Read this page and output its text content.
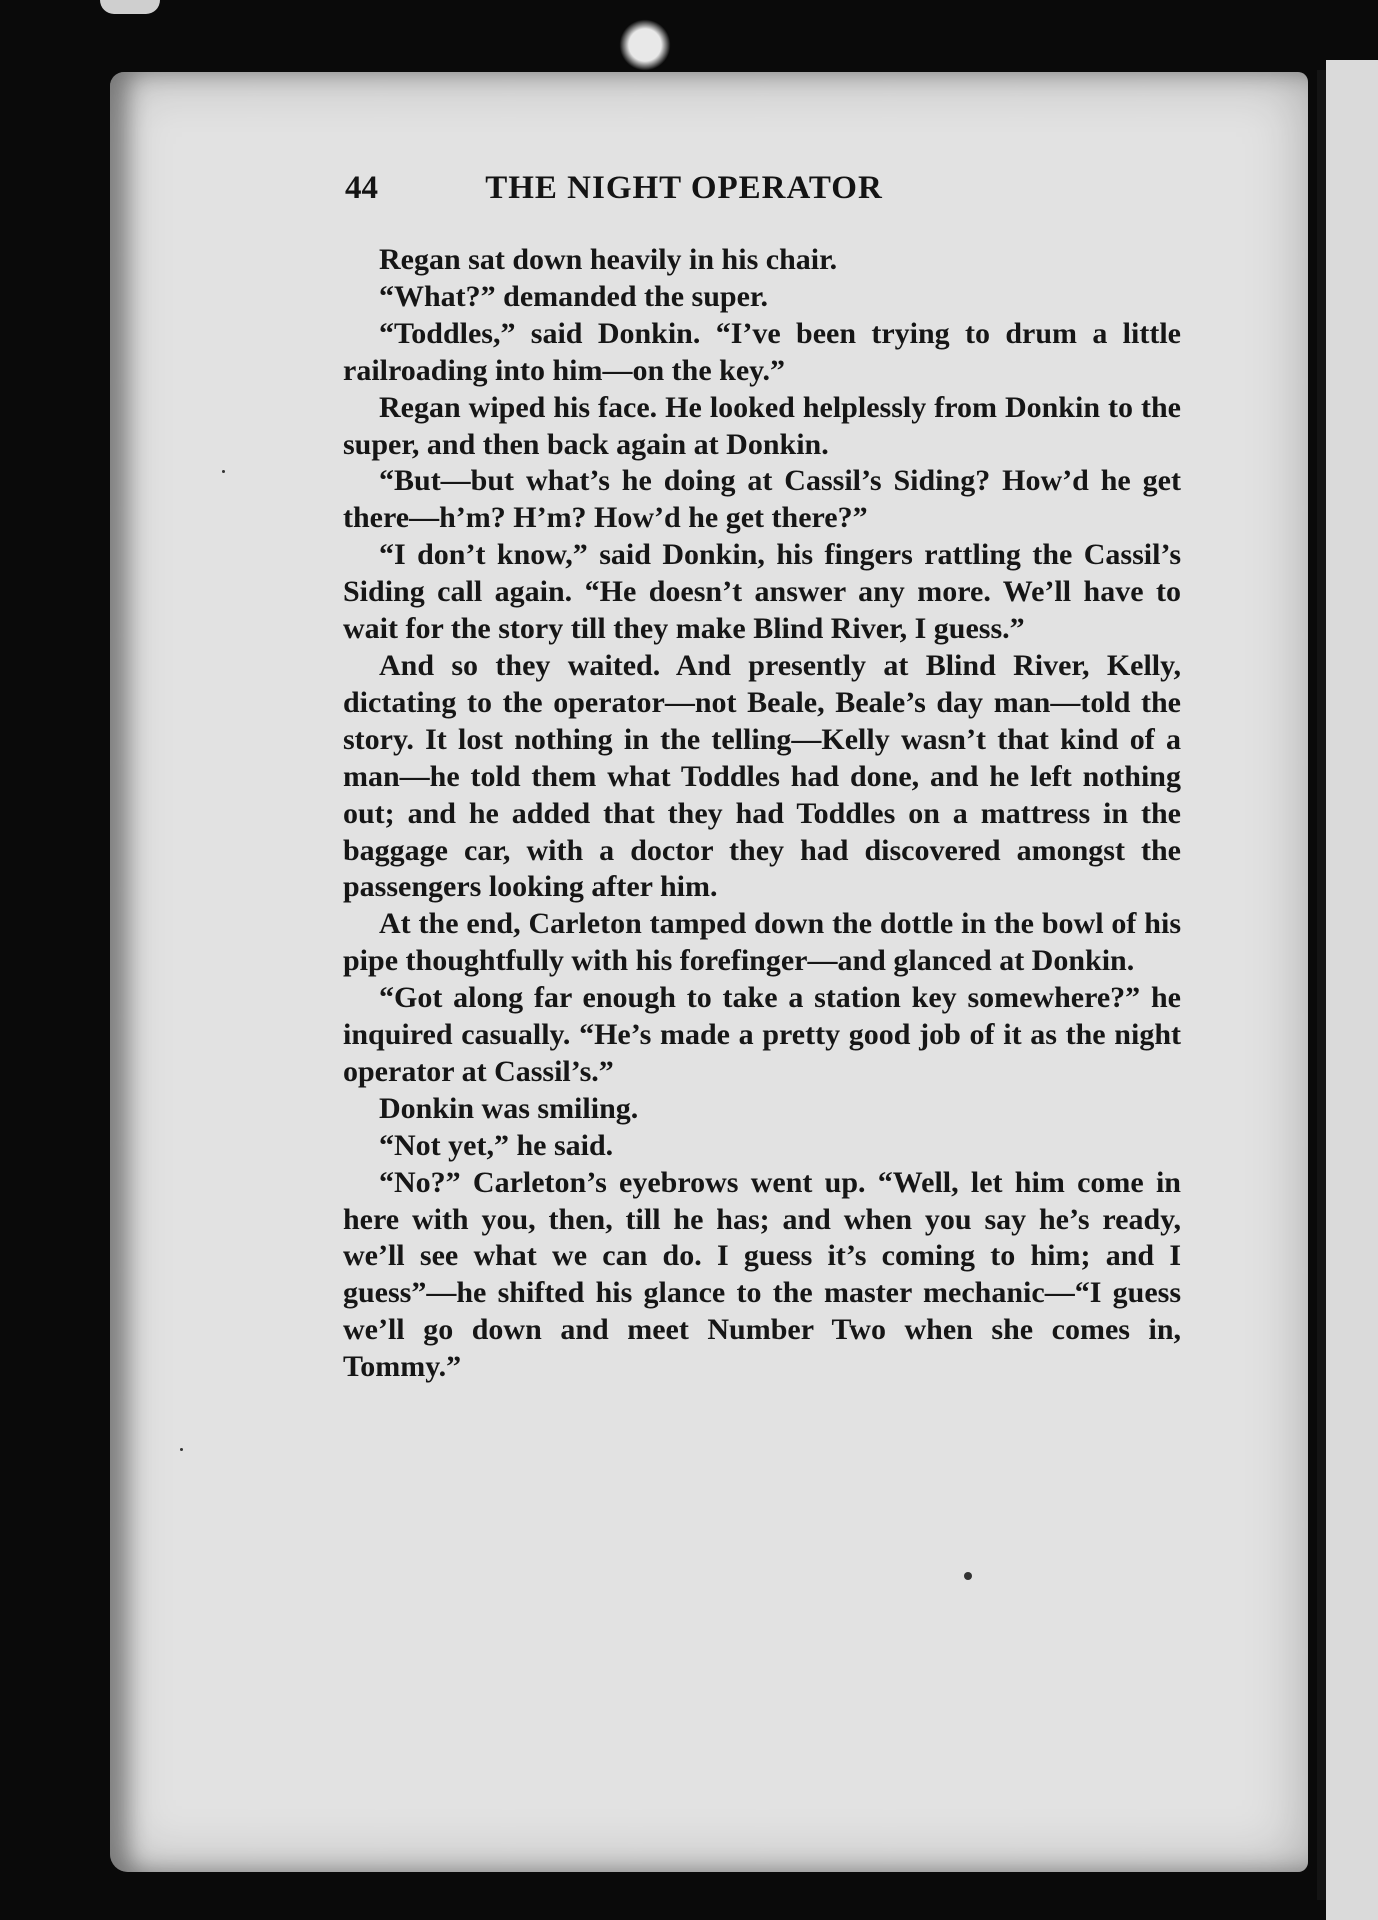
44	THE NIGHT OPERATOR

Regan sat down heavily in his chair.

“What?” demanded the super.

“Toddles,” said Donkin. “I’ve been trying to drum a little railroading into him—on the key.”

Regan wiped his face. He looked helplessly from Donkin to the super, and then back again at Donkin.

“But—but what’s he doing at Cassil’s Siding? How’d he get there—h’m? H’m? How’d he get there?”

“I don’t know,” said Donkin, his fingers rattling the Cassil’s Siding call again. “He doesn’t answer any more. We’ll have to wait for the story till they make Blind River, I guess.”

And so they waited. And presently at Blind River, Kelly, dictating to the operator—not Beale, Beale’s day man—told the story. It lost nothing in the telling—Kelly wasn’t that kind of a man—he told them what Toddles had done, and he left nothing out; and he added that they had Toddles on a mattress in the baggage car, with a doctor they had discovered amongst the passengers looking after him.

At the end, Carleton tamped down the dottle in the bowl of his pipe thoughtfully with his forefinger—and glanced at Donkin.

“Got along far enough to take a station key somewhere?” he inquired casually. “He’s made a pretty good job of it as the night operator at Cassil’s.”

Donkin was smiling.

“Not yet,” he said.

“No?” Carleton’s eyebrows went up. “Well, let him come in here with you, then, till he has; and when you say he’s ready, we’ll see what we can do. I guess it’s coming to him; and I guess”—he shifted his glance to the master mechanic—“I guess we’ll go down and meet Number Two when she comes in, Tommy.”
